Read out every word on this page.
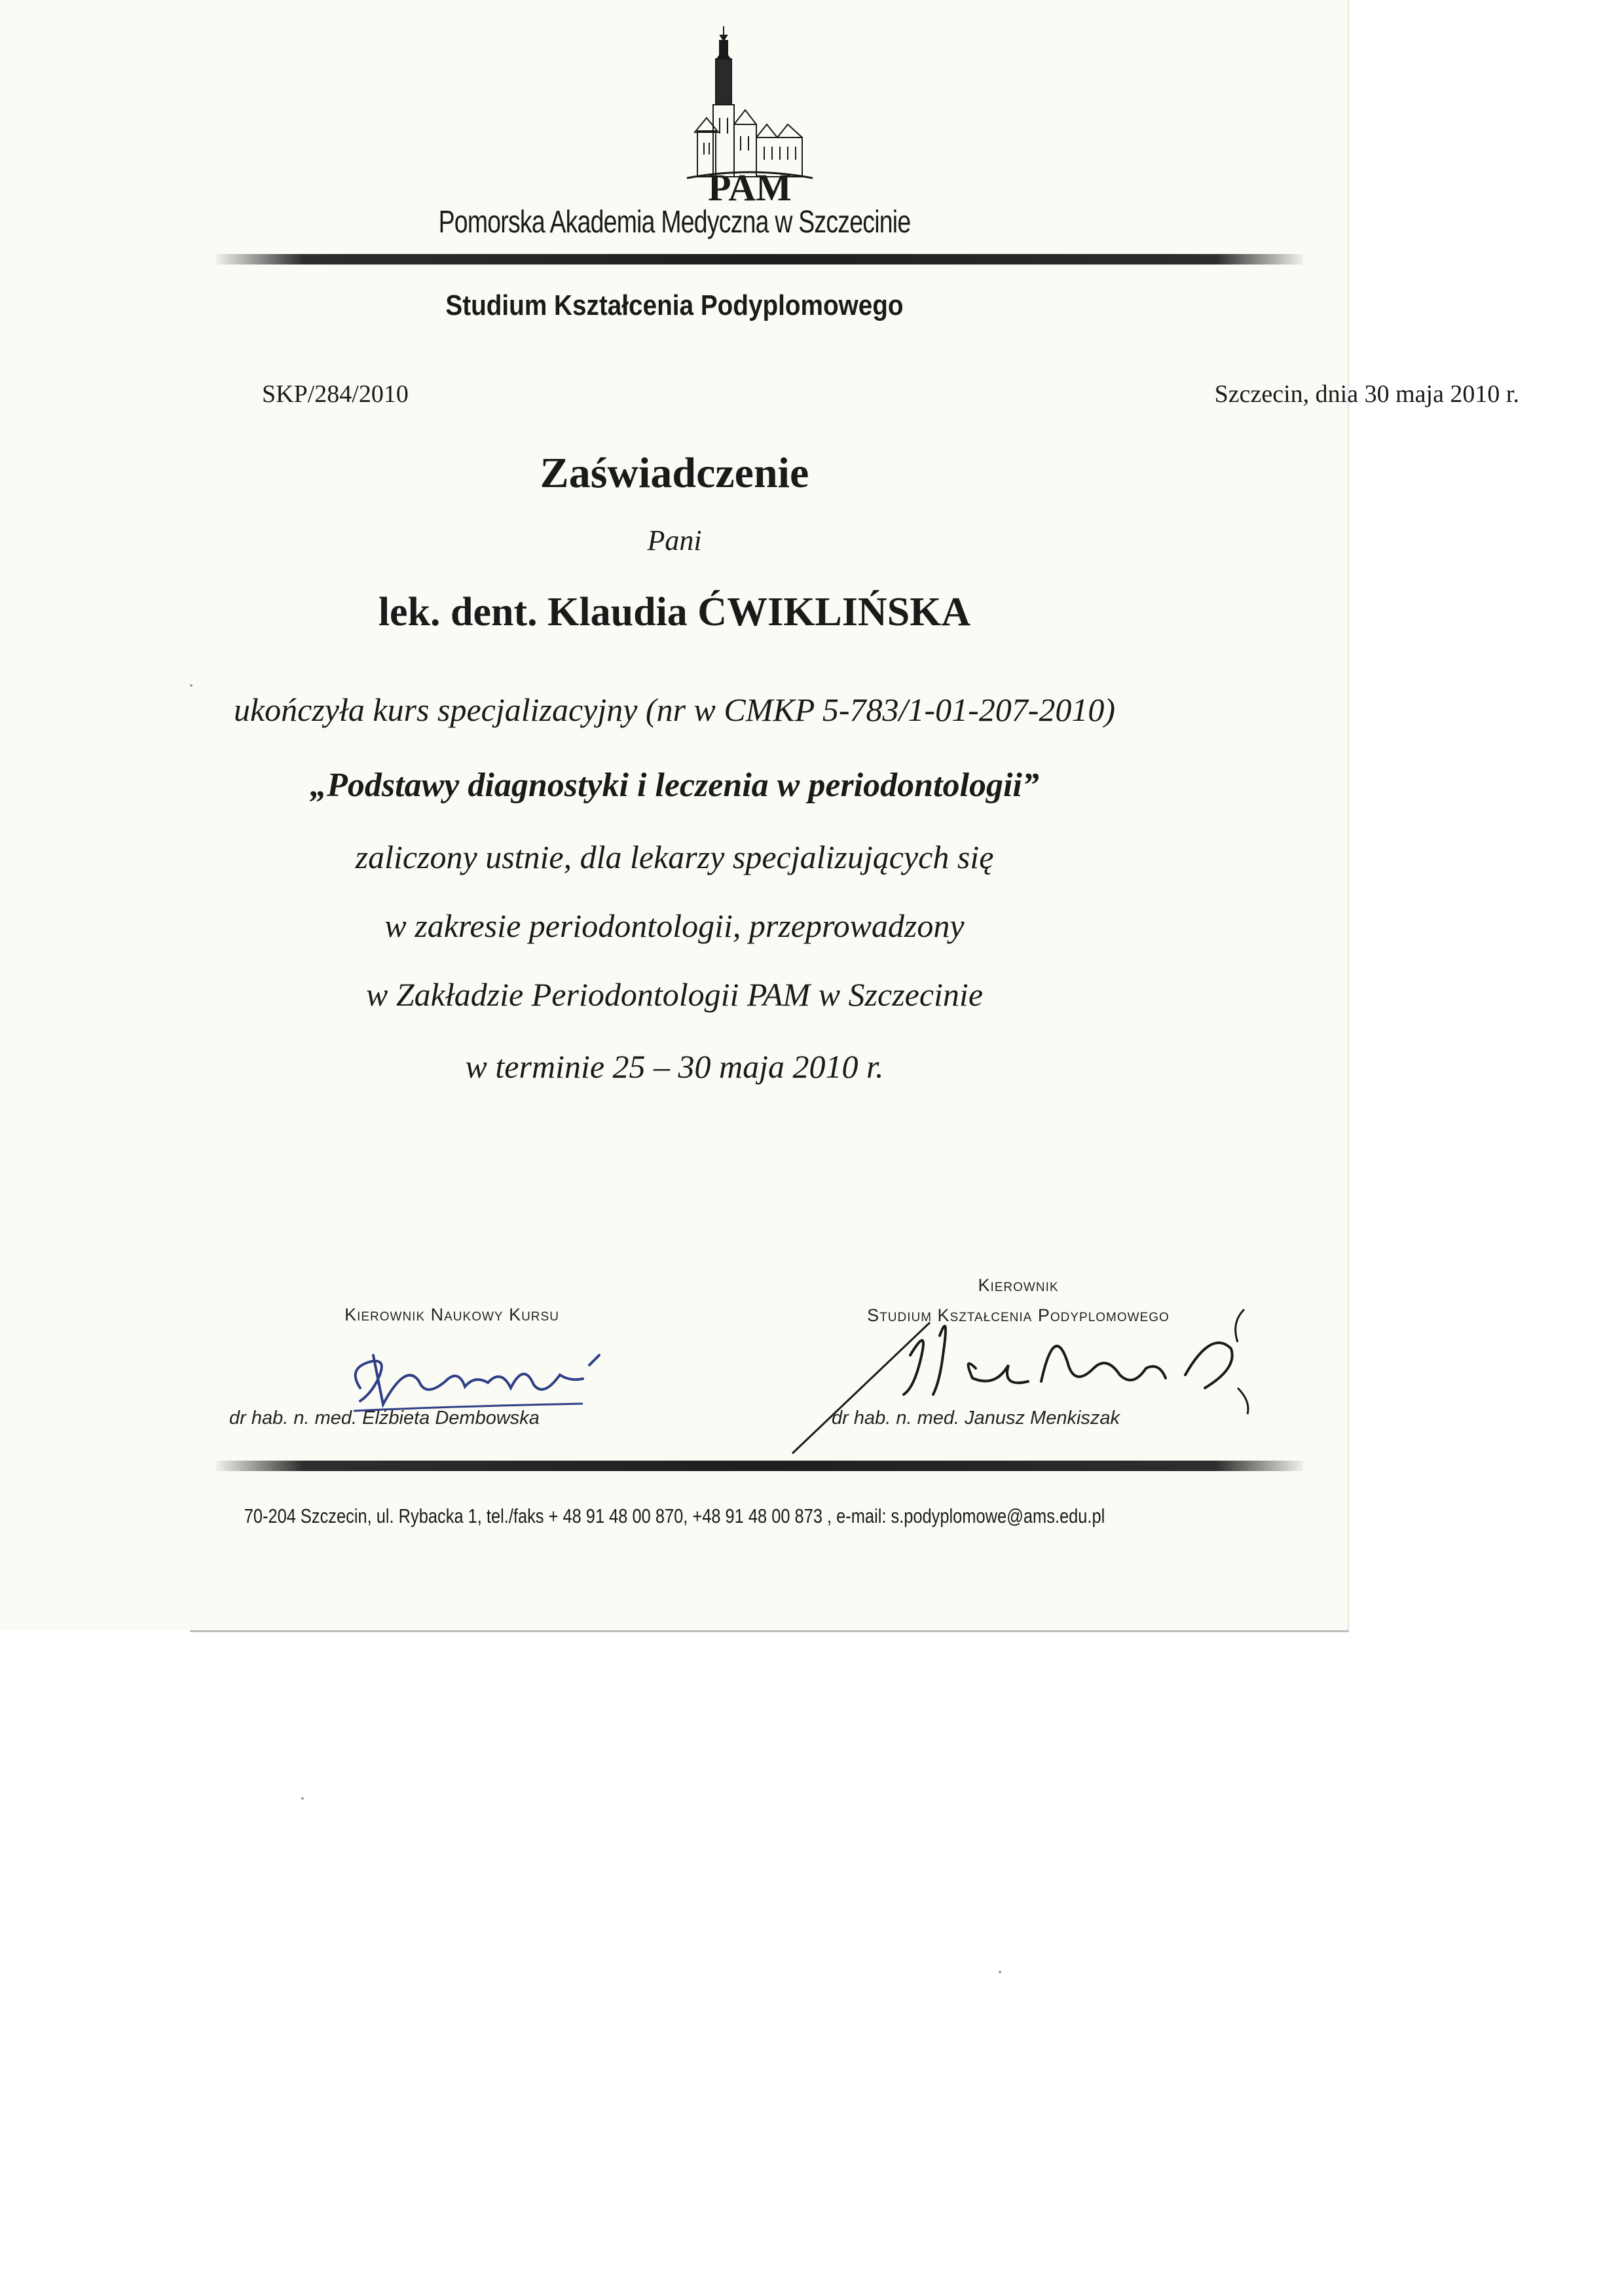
PAM
Pomorska Akademia Medyczna w Szczecinie
Studium Kształcenia Podyplomowego
SKP/284/2010	Szczecin, dnia 30 maja 2010 r.
Zaświadczenie
Pani
lek. dent. Klaudia ĆWIKLIŃSKA
ukończyła kurs specjalizacyjny (nr w CMKP 5-783/1-01-207-2010)
„Podstawy diagnostyki i leczenia w periodontologii”
zaliczony ustnie, dla lekarzy specjalizujących się
w zakresie periodontologii, przeprowadzony
w Zakładzie Periodontologii PAM w Szczecinie
w terminie 25 – 30 maja 2010 r.
Kierownik Naukowy Kursu
dr hab. n. med. Elżbieta Dembowska
Kierownik
Studium Kształcenia Podyplomowego
dr hab. n. med. Janusz Menkiszak
70-204 Szczecin, ul. Rybacka 1, tel./faks + 48 91 48 00 870, +48 91 48 00 873 , e-mail: s.podyplomowe@ams.edu.pl
